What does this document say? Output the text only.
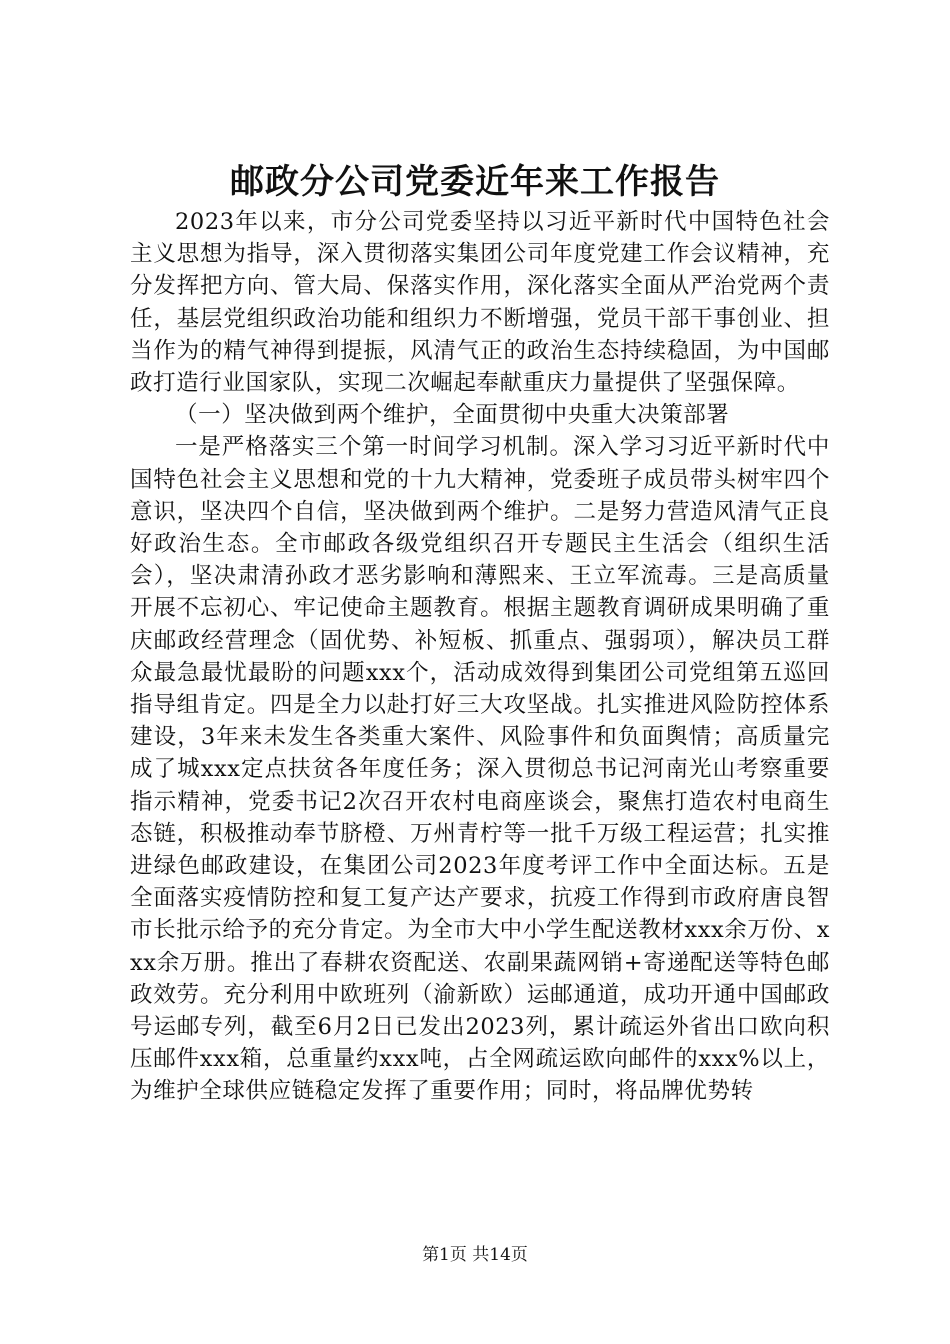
邮政分公司党委近年来工作报告

2023年以来，市分公司党委坚持以习近平新时代中国特色社会主义思想为指导，深入贯彻落实集团公司年度党建工作会议精神，充分发挥把方向、管大局、保落实作用，深化落实全面从严治党两个责任，基层党组织政治功能和组织力不断增强，党员干部干事创业、担当作为的精气神得到提振，风清气正的政治生态持续稳固，为中国邮政打造行业国家队，实现二次崛起奉献重庆力量提供了坚强保障。

（一）坚决做到两个维护，全面贯彻中央重大决策部署

一是严格落实三个第一时间学习机制。深入学习习近平新时代中国特色社会主义思想和党的十九大精神，党委班子成员带头树牢四个意识，坚决四个自信，坚决做到两个维护。二是努力营造风清气正良好政治生态。全市邮政各级党组织召开专题民主生活会（组织生活会），坚决肃清孙政才恶劣影响和薄熙来、王立军流毒。三是高质量开展不忘初心、牢记使命主题教育。根据主题教育调研成果明确了重庆邮政经营理念（固优势、补短板、抓重点、强弱项），解决员工群众最急最忧最盼的问题xxx个，活动成效得到集团公司党组第五巡回指导组肯定。四是全力以赴打好三大攻坚战。扎实推进风险防控体系建设，3年来未发生各类重大案件、风险事件和负面舆情；高质量完成了城xxx定点扶贫各年度任务；深入贯彻总书记河南光山考察重要指示精神，党委书记2次召开农村电商座谈会，聚焦打造农村电商生态链，积极推动奉节脐橙、万州青柠等一批千万级工程运营；扎实推进绿色邮政建设，在集团公司2023年度考评工作中全面达标。五是全面落实疫情防控和复工复产达产要求，抗疫工作得到市政府唐良智市长批示给予的充分肯定。为全市大中小学生配送教材xxx余万份、xxx余万册。推出了春耕农资配送、农副果蔬网销+寄递配送等特色邮政效劳。充分利用中欧班列（渝新欧）运邮通道，成功开通中国邮政号运邮专列，截至6月2日已发出2023列，累计疏运外省出口欧向积压邮件xxx箱，总重量约xxx吨，占全网疏运欧向邮件的xxx%以上，为维护全球供应链稳定发挥了重要作用；同时，将品牌优势转

第1页 共14页
